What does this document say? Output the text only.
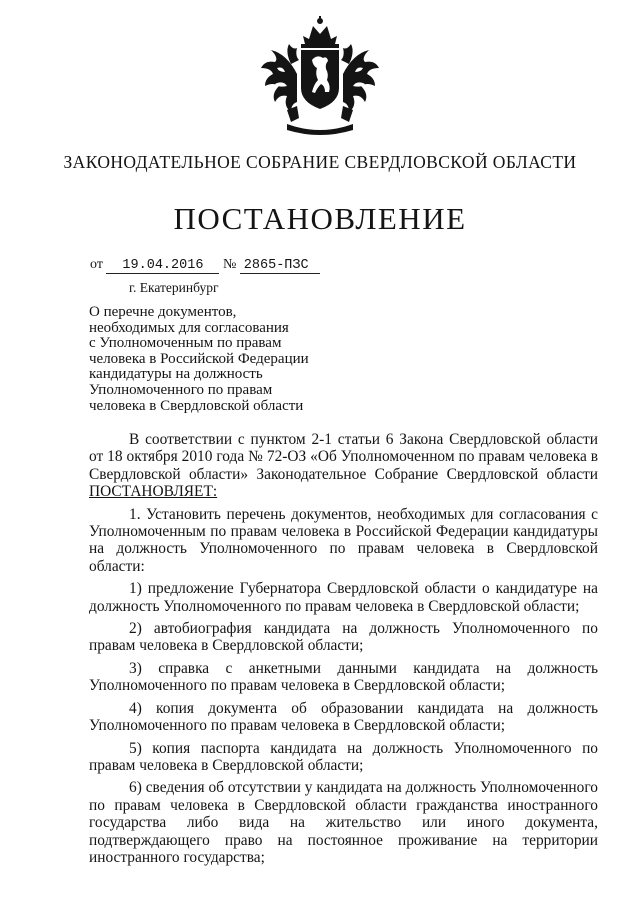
ЗАКОНОДАТЕЛЬНОЕ СОБРАНИЕ СВЕРДЛОВСКОЙ ОБЛАСТИ
ПОСТАНОВЛЕНИЕ
от 19.04.2016 № 2865-ПЗС
г. Екатеринбург
О перечне документов,
необходимых для согласования
с Уполномоченным по правам
человека в Российской Федерации
кандидатуры на должность
Уполномоченного по правам
человека в Свердловской области

В соответствии с пунктом 2-1 статьи 6 Закона Свердловской области от 18 октября 2010 года № 72-ОЗ «Об Уполномоченном по правам человека в Свердловской области» Законодательное Собрание Свердловской области ПОСТАНОВЛЯЕТ:

1. Установить перечень документов, необходимых для согласования с Уполномоченным по правам человека в Российской Федерации кандидатуры на должность Уполномоченного по правам человека в Свердловской области:

1) предложение Губернатора Свердловской области о кандидатуре на должность Уполномоченного по правам человека в Свердловской области;

2) автобиография кандидата на должность Уполномоченного по правам человека в Свердловской области;

3) справка с анкетными данными кандидата на должность Уполномоченного по правам человека в Свердловской области;

4) копия документа об образовании кандидата на должность Уполномоченного по правам человека в Свердловской области;

5) копия паспорта кандидата на должность Уполномоченного по правам человека в Свердловской области;

6) сведения об отсутствии у кандидата на должность Уполномоченного по правам человека в Свердловской области гражданства иностранного государства либо вида на жительство или иного документа, подтверждающего право на постоянное проживание на территории иностранного государства;
